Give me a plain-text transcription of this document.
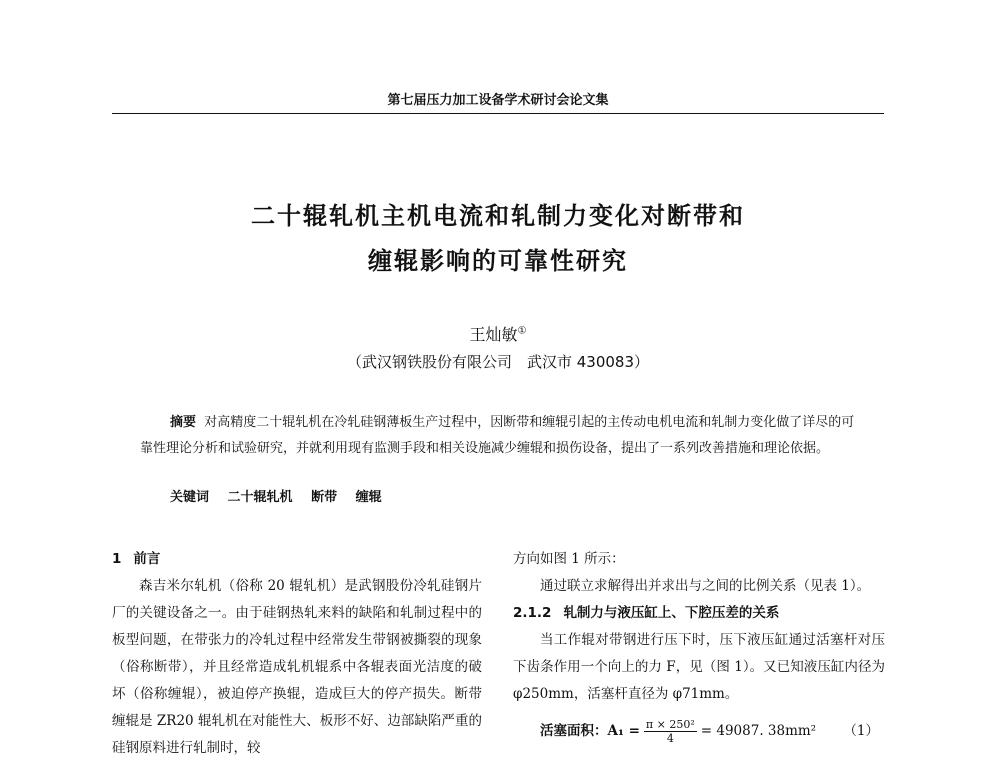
第七届压力加工设备学术研讨会论文集
二十辊轧机主机电流和轧制力变化对断带和
缠辊影响的可靠性研究
王灿敏①
（武汉钢铁股份有限公司　武汉市 430083）
摘要 对高精度二十辊轧机在冷轧硅钢薄板生产过程中，因断带和缠辊引起的主传动电机电流和轧制力变化做了详尽的可靠性理论分析和试验研究，并就利用现有监测手段和相关设施减少缠辊和损伤设备，提出了一系列改善措施和理论依据。
关键词 二十辊轧机 断带 缠辊
1 前言

森吉米尔轧机（俗称 20 辊轧机）是武钢股份冷轧硅钢片厂的关键设备之一。由于硅钢热轧来料的缺陷和轧制过程中的板型问题，在带张力的冷轧过程中经常发生带钢被撕裂的现象（俗称断带），并且经常造成轧机辊系中各辊表面光洁度的破坏（俗称缠辊），被迫停产换辊，造成巨大的停产损失。断带缠辊是 ZR20 辊轧机在对能性大、板形不好、边部缺陷严重的硅钢原料进行轧制时，较

方向如图 1 所示：

通过联立求解得出并求出与之间的比例关系（见表 1）。

2.1.2 轧制力与液压缸上、下腔压差的关系

当工作辊对带钢进行压下时，压下液压缸通过活塞杆对压下齿条作用一个向上的力 F，见（图 1）。又已知液压缸内径为 φ250mm，活塞杆直径为 φ71mm。

活塞面积：$A_1 = \frac{\text{π × 250²}}{4} = 49087$. 38mm² （1）
